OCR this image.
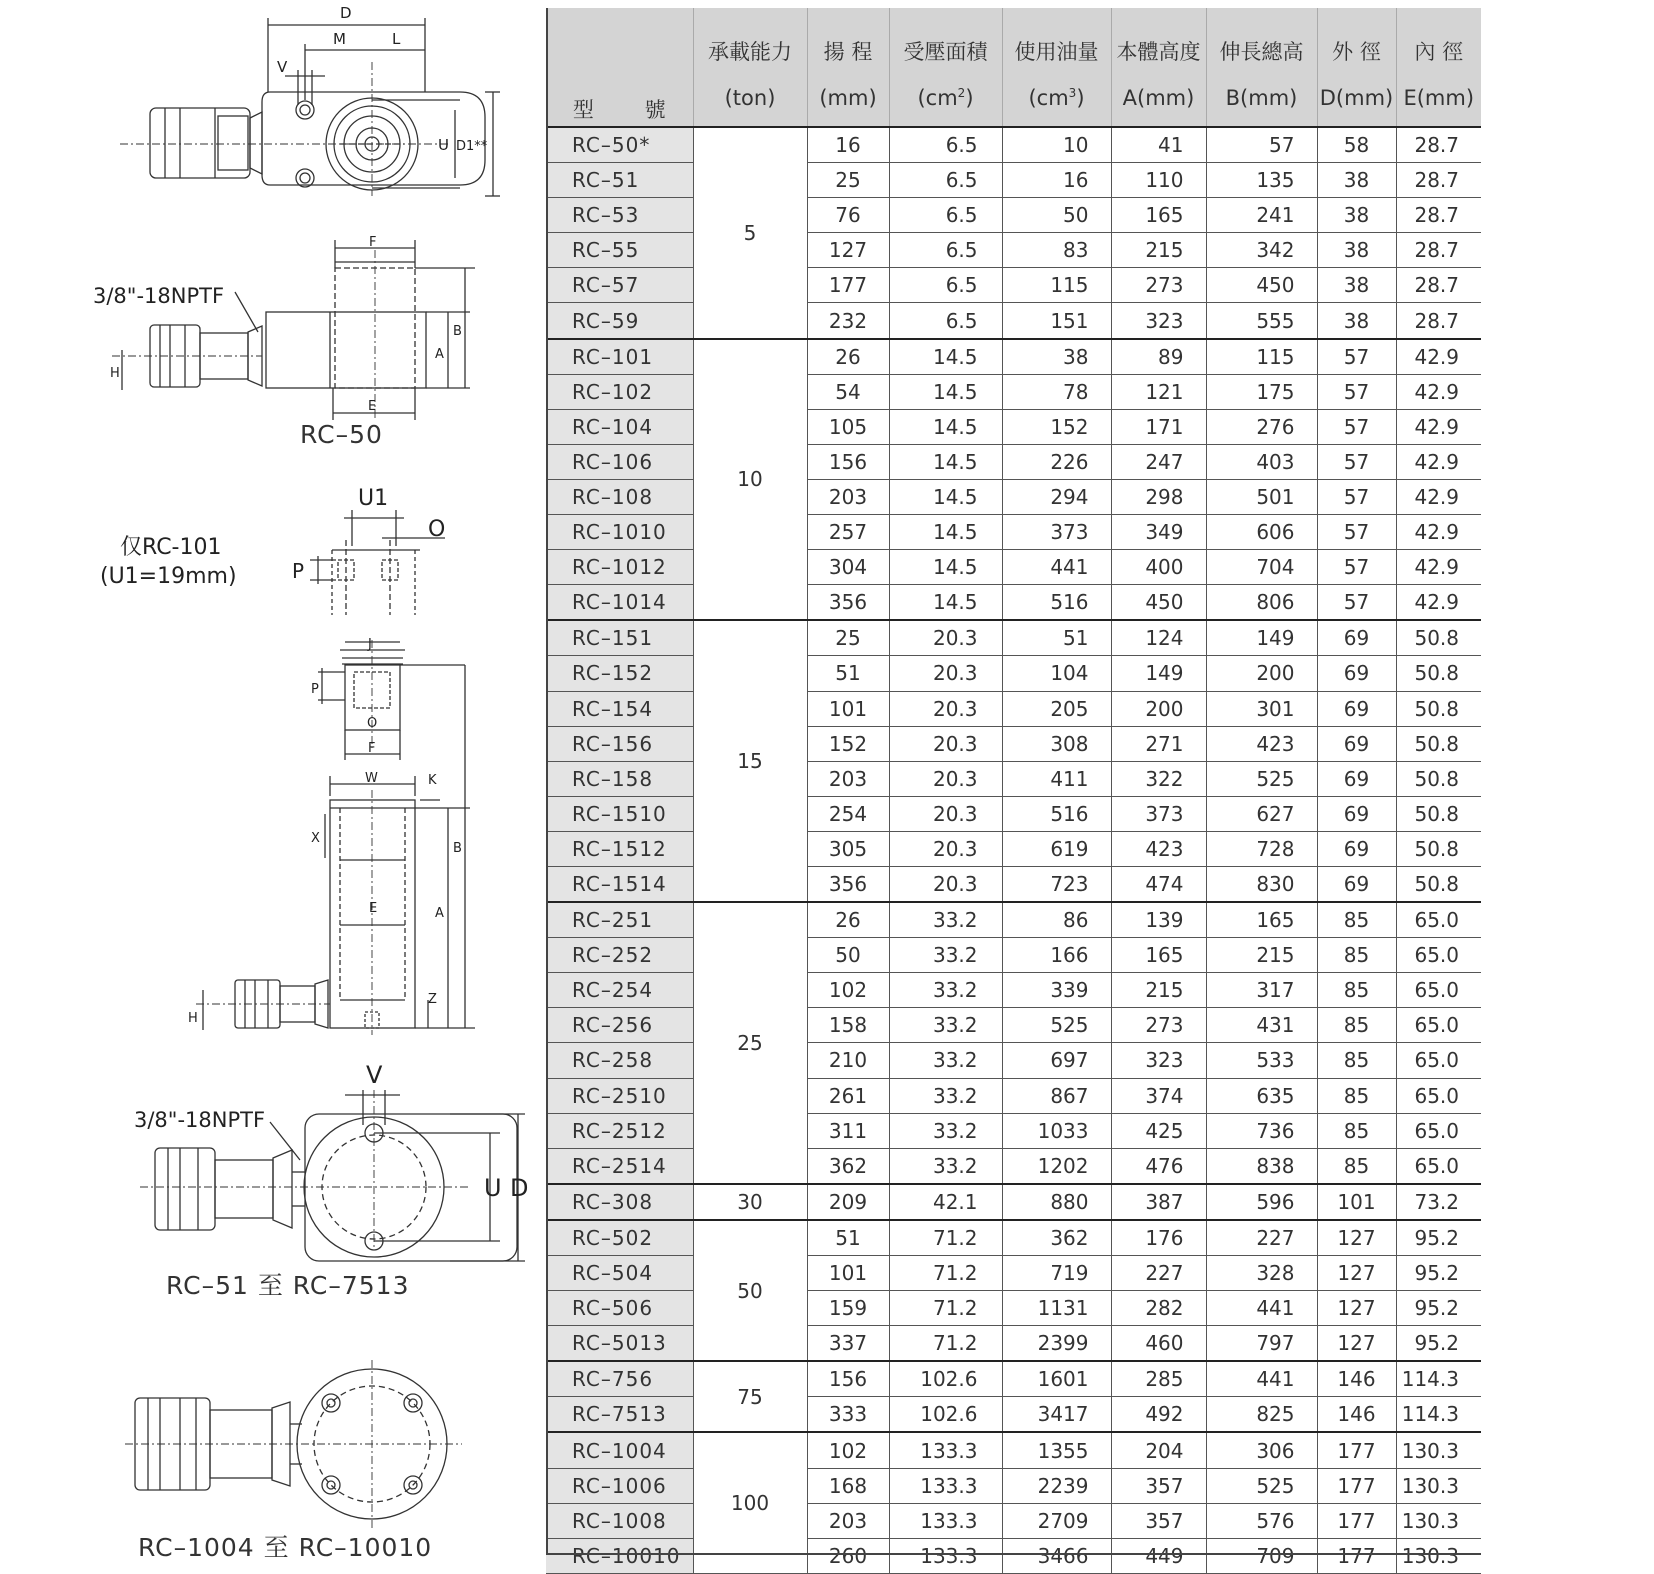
D
M	L
V
U D1**
F
B
A
E
H
U1
O
P
J
P
O
F
W	K
X
B
E	A
Z
H
V
U D
3/8"-18NPTF
RC–50
仅RC-101
(U1=19mm)
3/8"-18NPTF
RC–51 至 RC–7513
RC–1004 至 RC–10010
型 號	承載能力	揚 程	受壓面積	使用油量	本體高度	伸長總高	外 徑	內 徑
	(ton)	(mm)	$(cm^2)$	$(cm^3)$	A(mm)	B(mm)	D(mm)	E(mm)
RC–50*	5	16	6.5	10	41	57	58	28.7
RC–51		25	6.5	16	110	135	38	28.7
RC–53		76	6.5	50	165	241	38	28.7
RC–55		127	6.5	83	215	342	38	28.7
RC–57		177	6.5	115	273	450	38	28.7
RC–59		232	6.5	151	323	555	38	28.7
RC–101	10	26	14.5	38	89	115	57	42.9
RC–102		54	14.5	78	121	175	57	42.9
RC–104		105	14.5	152	171	276	57	42.9
RC–106		156	14.5	226	247	403	57	42.9
RC–108		203	14.5	294	298	501	57	42.9
RC–1010		257	14.5	373	349	606	57	42.9
RC–1012		304	14.5	441	400	704	57	42.9
RC–1014		356	14.5	516	450	806	57	42.9
RC–151	15	25	20.3	51	124	149	69	50.8
RC–152		51	20.3	104	149	200	69	50.8
RC–154		101	20.3	205	200	301	69	50.8
RC–156		152	20.3	308	271	423	69	50.8
RC–158		203	20.3	411	322	525	69	50.8
RC–1510		254	20.3	516	373	627	69	50.8
RC–1512		305	20.3	619	423	728	69	50.8
RC–1514		356	20.3	723	474	830	69	50.8
RC–251	25	26	33.2	86	139	165	85	65.0
RC–252		50	33.2	166	165	215	85	65.0
RC–254		102	33.2	339	215	317	85	65.0
RC–256		158	33.2	525	273	431	85	65.0
RC–258		210	33.2	697	323	533	85	65.0
RC–2510		261	33.2	867	374	635	85	65.0
RC–2512		311	33.2	1033	425	736	85	65.0
RC–2514		362	33.2	1202	476	838	85	65.0
RC–308	30	209	42.1	880	387	596	101	73.2
RC–502	50	51	71.2	362	176	227	127	95.2
RC–504		101	71.2	719	227	328	127	95.2
RC–506		159	71.2	1131	282	441	127	95.2
RC–5013		337	71.2	2399	460	797	127	95.2
RC–756	75	156	102.6	1601	285	441	146	114.3
RC–7513		333	102.6	3417	492	825	146	114.3
RC–1004	100	102	133.3	1355	204	306	177	130.3
RC–1006		168	133.3	2239	357	525	177	130.3
RC–1008		203	133.3	2709	357	576	177	130.3
RC–10010		260	133.3	3466	449	709	177	130.3
